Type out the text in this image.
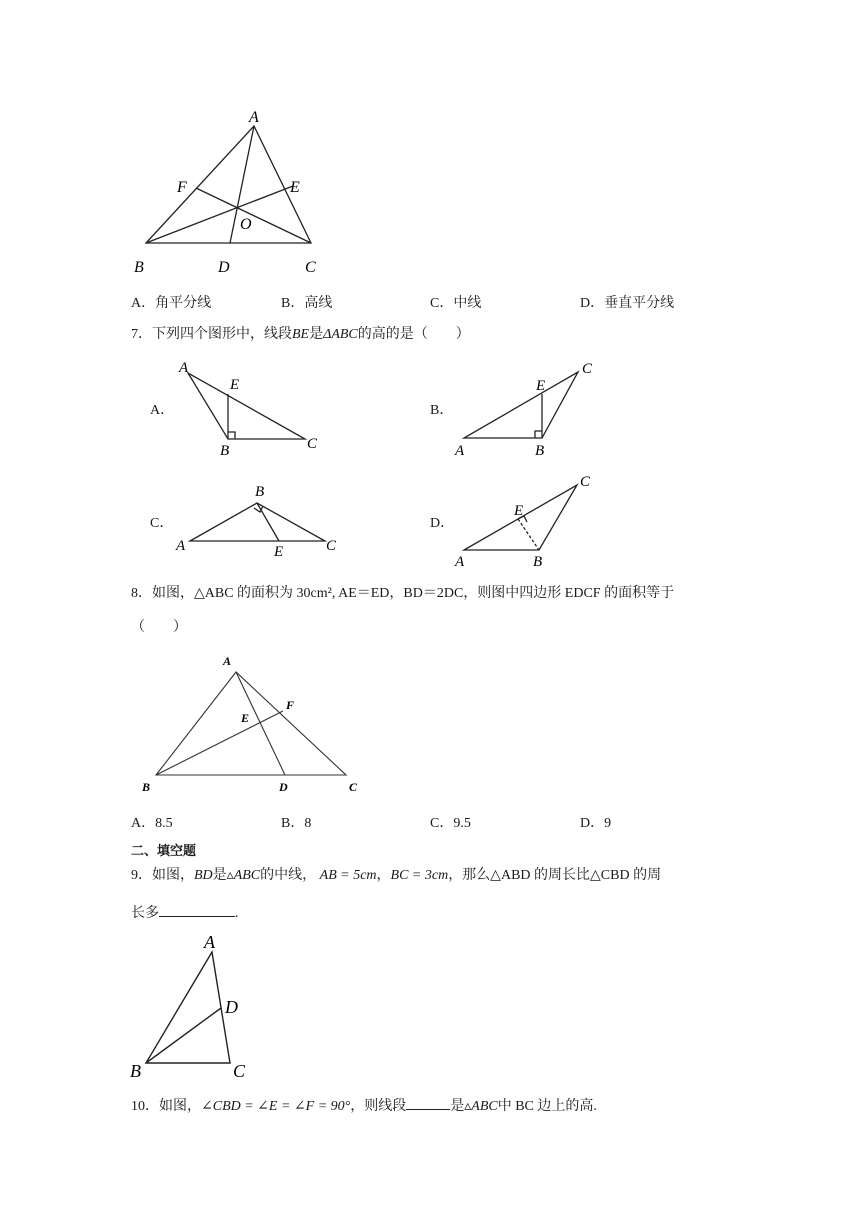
A
F	E
O
B	D	C
A．角平分线	B．高线	C．中线	D．垂直平分线
7．下列四个图形中，线段BE是ΔABC的高的是（　　）
A．
A
E
B	C
B．
E
C
A	B
C．
B
A	E	C
D．
C
E
A	B
8．如图，△ABC 的面积为 30cm², AE＝ED，BD＝2DC，则图中四边形 EDCF 的面积等于
（　　）
A
F
E
B	D	C
A．8.5	B．8	C．9.5	D．9
二、填空题
9．如图，BD是▵ABC的中线， AB = 5cm，BC = 3cm，那么△ABD 的周长比△CBD 的周
长多	.
A
D
B	C
10．如图，∠CBD = ∠E = ∠F = 90°，则线段	是▵ABC中 BC 边上的高.
